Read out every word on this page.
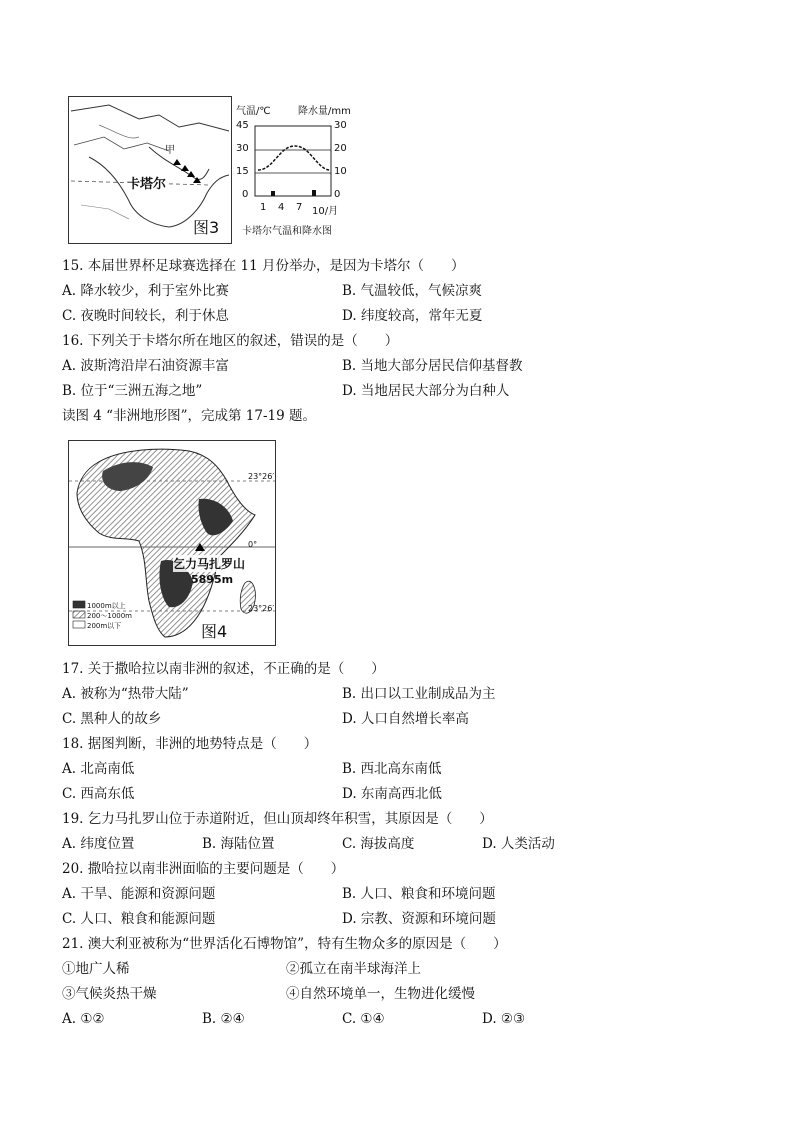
甲
卡塔尔
图3
气温/℃	降水量/mm
45
30
15
0
30
20
10
0
1 4 7 10/月
卡塔尔气温和降水图
15. 本届世界杯足球赛选择在 11 月份举办，是因为卡塔尔（　　）
A. 降水较少，利于室外比赛	B. 气温较低，气候凉爽
C. 夜晚时间较长，利于休息	D. 纬度较高，常年无夏
16. 下列关于卡塔尔所在地区的叙述，错误的是（　　）
A. 波斯湾沿岸石油资源丰富	B. 当地大部分居民信仰基督教
B. 位于“三洲五海之地”	D. 当地居民大部分为白种人
读图 4 “非洲地形图”，完成第 17-19 题。
乞力马扎罗山
5895m
1000m以上
200～1000m
200m以下	图4
23°26′
0°
23°26′
17. 关于撒哈拉以南非洲的叙述，不正确的是（　　）
A. 被称为“热带大陆”	B. 出口以工业制成品为主
C. 黑种人的故乡	D. 人口自然增长率高
18. 据图判断，非洲的地势特点是（　　）
A. 北高南低	B. 西北高东南低
C. 西高东低	D. 东南高西北低
19. 乞力马扎罗山位于赤道附近，但山顶却终年积雪，其原因是（　　）
A. 纬度位置	B. 海陆位置	C. 海拔高度	D. 人类活动
20. 撒哈拉以南非洲面临的主要问题是（　　）
A. 干旱、能源和资源问题	B. 人口、粮食和环境问题
C. 人口、粮食和能源问题	D. 宗教、资源和环境问题
21. 澳大利亚被称为“世界活化石博物馆”，特有生物众多的原因是（　　）
①地广人稀	②孤立在南半球海洋上
③气候炎热干燥	④自然环境单一，生物进化缓慢
A. ①②	B. ②④	C. ①④	D. ②③
